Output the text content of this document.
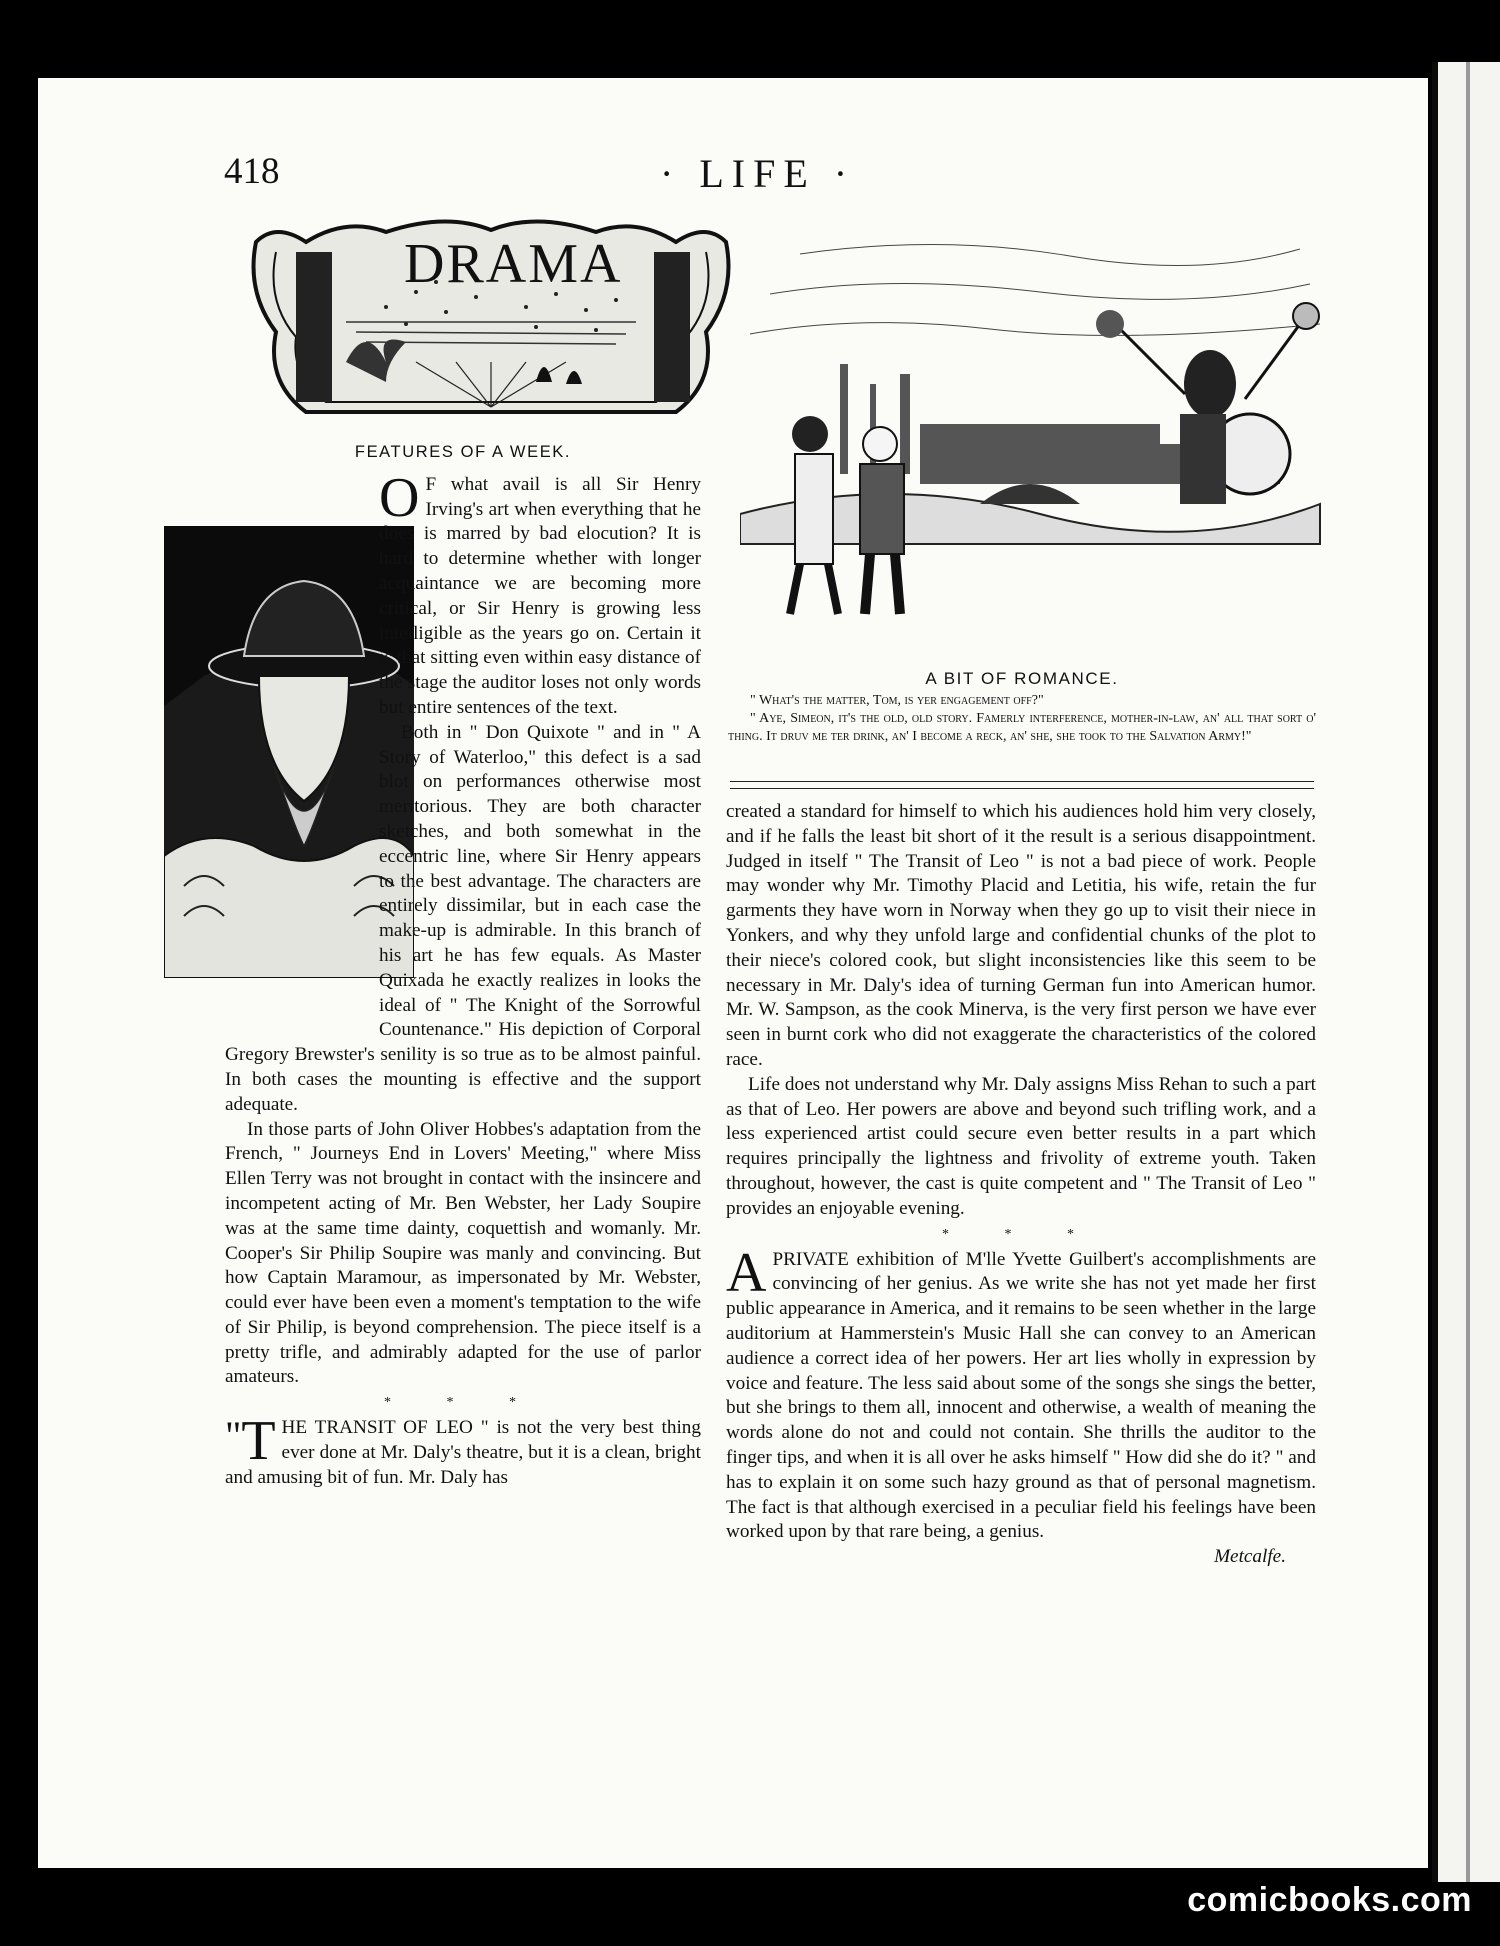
418	· LIFE ·
DRAMA
A BIT OF ROMANCE.

" What's the matter, Tom, is yer engagement off?"

" Aye, Simeon, it's the old, old story. Famerly interference, mother-in-law, an' all that sort o' thing. It druv me ter drink, an' I become a reck, an' she, she took to the Salvation Army!"

FEATURES OF A WEEK.

O F what avail is all Sir Henry Irving's art when everything that he does is marred by bad elocution? It is hard to determine whether with longer acquaintance we are becoming more critical, or Sir Henry is growing less intelligible as the years go on. Certain it is that sitting even within easy distance of the stage the auditor loses not only words but entire sentences of the text.

Both in " Don Quixote " and in " A Story of Waterloo," this defect is a sad blot on performances otherwise most meritorious. They are both character sketches, and both somewhat in the eccentric line, where Sir Henry appears to the best advantage. The characters are entirely dissimilar, but in each case the make-up is admirable. In this branch of his art he has few equals. As Master Quixada he exactly realizes in looks the ideal of " The Knight of the Sorrowful Countenance." His depiction of Corporal Gregory Brewster's senility is so true as to be almost painful. In both cases the mounting is effective and the support adequate.

In those parts of John Oliver Hobbes's adaptation from the French, " Journeys End in Lovers' Meeting," where Miss Ellen Terry was not brought in contact with the insincere and incompetent acting of Mr. Ben Webster, her Lady Soupire was at the same time dainty, coquettish and womanly. Mr. Cooper's Sir Philip Soupire was manly and convincing. But how Captain Maramour, as impersonated by Mr. Webster, could ever have been even a moment's temptation to the wife of Sir Philip, is beyond comprehension. The piece itself is a pretty trifle, and admirably adapted for the use of parlor amateurs.

* * *

" T HE TRANSIT OF LEO " is not the very best thing ever done at Mr. Daly's theatre, but it is a clean, bright and amusing bit of fun. Mr. Daly has

created a standard for himself to which his audiences hold him very closely, and if he falls the least bit short of it the result is a serious disappointment. Judged in itself " The Transit of Leo " is not a bad piece of work. People may wonder why Mr. Timothy Placid and Letitia, his wife, retain the fur garments they have worn in Norway when they go up to visit their niece in Yonkers, and why they unfold large and confidential chunks of the plot to their niece's colored cook, but slight inconsistencies like this seem to be necessary in Mr. Daly's idea of turning German fun into American humor. Mr. W. Sampson, as the cook Minerva, is the very first person we have ever seen in burnt cork who did not exaggerate the characteristics of the colored race.

Life does not understand why Mr. Daly assigns Miss Rehan to such a part as that of Leo. Her powers are above and beyond such trifling work, and a less experienced artist could secure even better results in a part which requires principally the lightness and frivolity of extreme youth. Taken throughout, however, the cast is quite competent and " The Transit of Leo " provides an enjoyable evening.

* * *

APRIVATE exhibition of M'lle Yvette Guilbert's accomplishments are convincing of her genius. As we write she has not yet made her first public appearance in America, and it remains to be seen whether in the large auditorium at Hammerstein's Music Hall she can convey to an American audience a correct idea of her powers. Her art lies wholly in expression by voice and feature. The less said about some of the songs she sings the better, but she brings to them all, innocent and otherwise, a wealth of meaning the words alone do not and could not contain. She thrills the auditor to the finger tips, and when it is all over he asks himself " How did she do it? " and has to explain it on some such hazy ground as that of personal magnetism. The fact is that although exercised in a peculiar field his feelings have been worked upon by that rare being, a genius.

Metcalfe.

comicbooks.com
